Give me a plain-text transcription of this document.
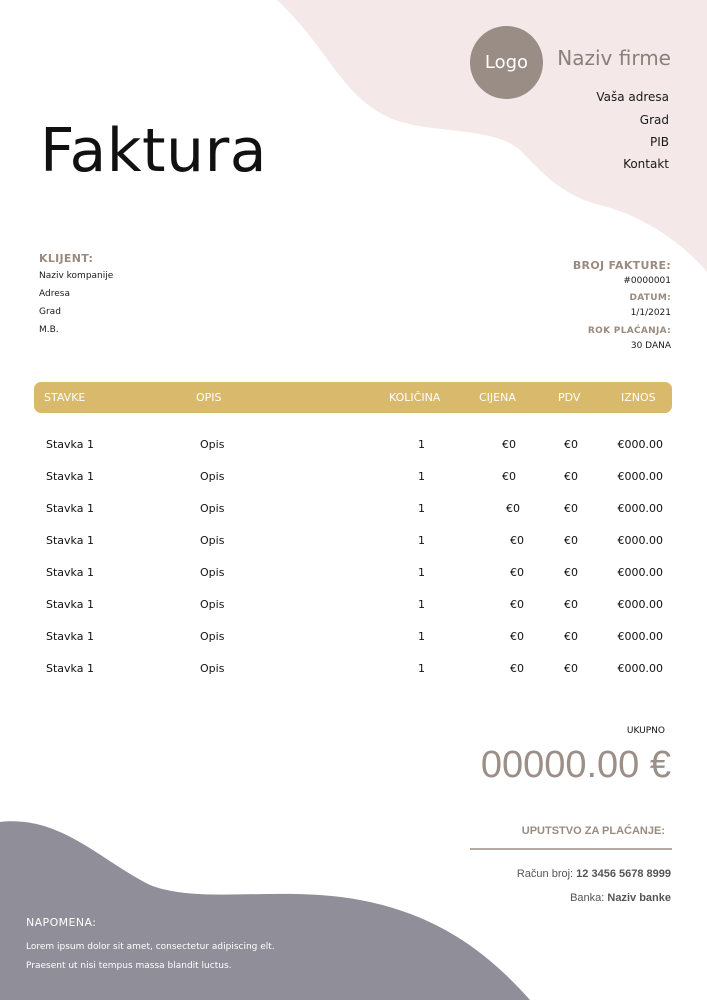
Logo Naziv firme
Vaša adresa
Grad
PIB
Kontakt
Faktura
KLIJENT:
Naziv kompanije
Adresa
Grad
M.B.
BROJ FAKTURE:
#0000001
DATUM:
1/1/2021
ROK PLAĆANJA:
30 DANA
STAVKE	OPIS	KOLIČINA	CIJENA	PDV	IZNOS
Stavka 1	Opis	1	€0	€0	€000.00
Stavka 1	Opis	1	€0	€0	€000.00
Stavka 1	Opis	1	€0	€0	€000.00
Stavka 1	Opis	1	€0	€0	€000.00
Stavka 1	Opis	1	€0	€0	€000.00
Stavka 1	Opis	1	€0	€0	€000.00
Stavka 1	Opis	1	€0	€0	€000.00
Stavka 1	Opis	1	€0	€0	€000.00
UKUPNO
00000.00 €
UPUTSTVO ZA PLAĆANJE:
Račun broj: 12 3456 5678 8999
Banka: Naziv banke
NAPOMENA:
Lorem ipsum dolor sit amet, consectetur adipiscing elt.
Praesent ut nisi tempus massa blandit luctus.
